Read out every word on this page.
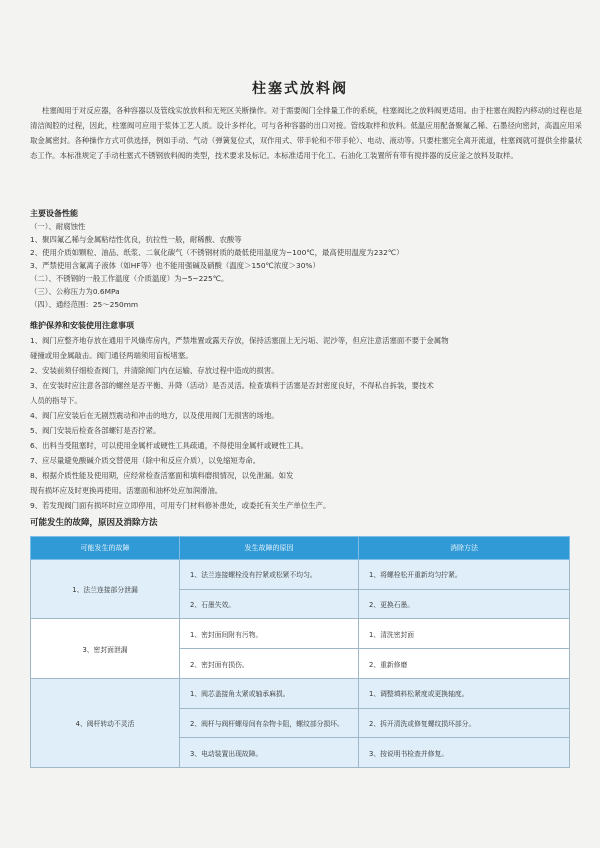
柱塞式放料阀
柱塞阀用于对反应器，各种容器以及管线实放放料和无死区关断操作。对于需要阀门全排量工作的系统，柱塞阀比之放料阀更适用。由于柱塞在阀腔内移动的过程也是清洁阀腔的过程，因此，柱塞阀可应用于浆体工艺人质。设计多样化，可与各种容器的出口对接。管线取样和放料。低温应用配备聚氟乙稀、石墨径向密封，高温应用采取金属密封。各种操作方式可供选择，例如手动、气动（弹簧复位式，双作用式、带手轮和不带手轮）、电动、液动等。只要柱塞完全离开流道，柱塞阀就可提供全排量状态工作。本标准规定了手动柱塞式不锈钢放料阀的类型，技术要求及标记。本标准适用于化工、石油化工装置所有带有搅拌器的反应釜之放料及取样。
主要设备性能
（一）、耐腐蚀性
1、聚四氟乙稀与金属粘结性优良，抗拉性一般，耐稀酸、农酸等
2、使用介质如颗粒、油品、纸浆、二氧化碳气（不锈钢材质的最低使用温度为−100℃，最高使用温度为232℃）
3、严禁使用含氟离子液体（如HF等）也不能用强碱及硝酸（温度＞150℃浓度＞30%）
（二）、不锈钢的一般工作温度（介质温度）为−5~225℃。
（三）、公称压力为0.6MPa
（四）、通经范围：25～250mm
维护保养和安装使用注意事项
1、阀门应整齐地存放在通用干风燥库房内，严禁堆置或露天存放，保持活塞面上无污垢、泥沙等，但应注意活塞面不要于金属物
碰撞或用金属敲击。阀门通径两端须用盲板堵塞。
2、安装前须仔细检查阀门，并清除阀门内在运输、存放过程中造成的损害。
3、在安装时应注意各部的螺丝是否平衡、升降（活动）是否灵活。检查填料于活塞是否封密度良好，不得私自拆装，要技术
人员的指导下。
4、阀门应安装后在无剧烈震动和冲击的地方，以及使用阀门无损害的场地。
5、阀门安装后检查各部螺钉是否拧紧。
6、出料当受阻塞时，可以使用金属杆或硬性工具疏通，不得使用金属杆或硬性工具。
7、应尽量避免酸碱介质交替使用（除中和反应介质），以免缩短寿命。
8、根据介质性能及使用期，应经常检查活塞面和填料磨损情况，以免泄漏。如发
现有损坏应及时更换再使用。活塞面和油杯处应加润滑油。
9、若发现阀门面有损坏时应立即停用，可用专门材料修补患处，或委托有关生产单位生产。
可能发生的故障，原因及消除方法
可能发生的故障	发生故障的原因	消除方法
1、法兰连接部分泄漏	1、法兰连接螺栓没有拧紧或松紧不均匀。	1、将螺栓松开重新均匀拧紧。
	2、石墨失效。	2、更换石墨。
3、密封面泄漏	1、密封面间附有污物。	1、清洗密封面
	2、密封面有损伤。	2、重新修磨
4、阀杆转动不灵活	1、阀芯盖接角太紧或轴承麻损。	1、调整填料松紧度或更换轴度。
	2、阀杆与阀杆螺母间有杂物卡阻，螺纹部分损坏。	2、拆开清洗或修复螺纹损坏部分。
	3、电动装置出现故障。	3、按说明书检查并修复。
